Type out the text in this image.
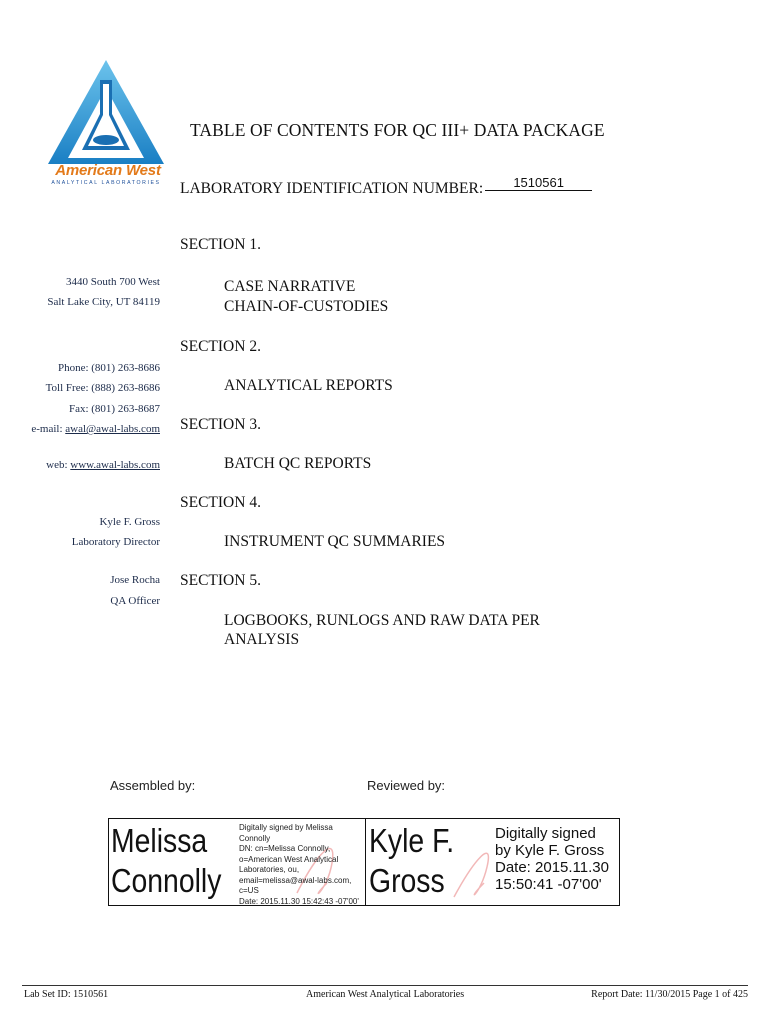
American West
ANALYTICAL LABORATORIES
TABLE OF CONTENTS FOR QC III+ DATA PACKAGE
LABORATORY IDENTIFICATION NUMBER: 1510561
3440 South 700 West
Salt Lake City, UT 84119
Phone: (801) 263-8686
Toll Free: (888) 263-8686
Fax: (801) 263-8687
e-mail: awal@awal-labs.com
web: www.awal-labs.com
Kyle F. Gross
Laboratory Director
Jose Rocha
QA Officer
SECTION 1.
CASE NARRATIVE
CHAIN-OF-CUSTODIES
SECTION 2.
ANALYTICAL REPORTS
SECTION 3.
BATCH QC REPORTS
SECTION 4.
INSTRUMENT QC SUMMARIES
SECTION 5.
LOGBOOKS, RUNLOGS AND RAW DATA PER
ANALYSIS
Assembled by:	Reviewed by:
Melissa
Connolly
Digitally signed by Melissa
Connolly
DN: cn=Melissa Connolly,
o=American West Analytical
Laboratories, ou,
email=melissa@awal-labs.com,
c=US
Date: 2015.11.30 15:42:43 -07'00'
Kyle F.
Gross
Digitally signed
by Kyle F. Gross
Date: 2015.11.30
15:50:41 -07'00'
Lab Set ID: 1510561	American West Analytical Laboratories	Report Date: 11/30/2015 Page 1 of 425
